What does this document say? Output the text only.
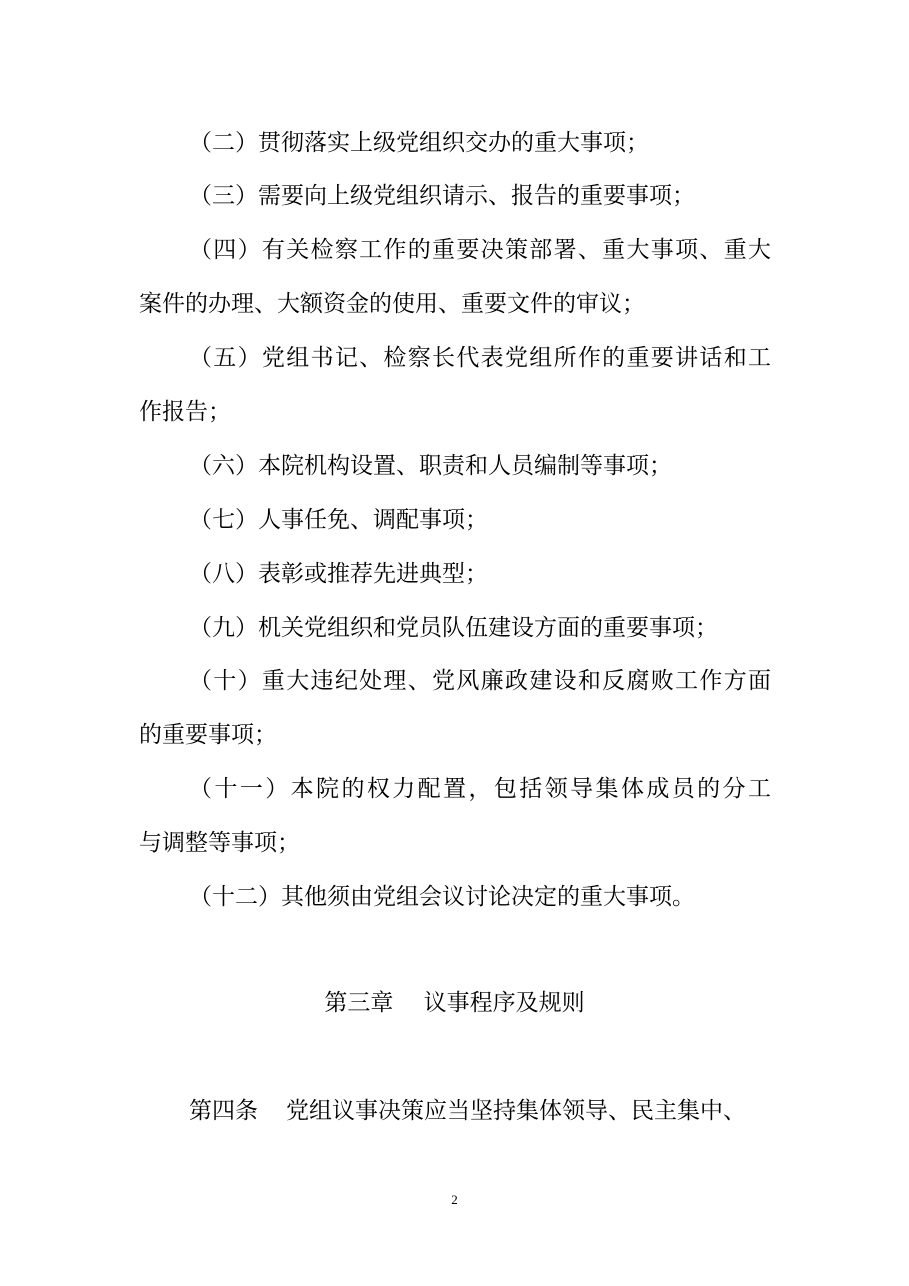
（二）贯彻落实上级党组织交办的重大事项；
（三）需要向上级党组织请示、报告的重要事项；
（四）有关检察工作的重要决策部署、重大事项、重大
案件的办理、大额资金的使用、重要文件的审议；
（五）党组书记、检察长代表党组所作的重要讲话和工
作报告；
（六）本院机构设置、职责和人员编制等事项；
（七）人事任免、调配事项；
（八）表彰或推荐先进典型；
（九）机关党组织和党员队伍建设方面的重要事项；
（十）重大违纪处理、党风廉政建设和反腐败工作方面
的重要事项；
（十一）本院的权力配置，包括领导集体成员的分工
与调整等事项；
（十二）其他须由党组会议讨论决定的重大事项。
第三章　 议事程序及规则
第四条 党组议事决策应当坚持集体领导、民主集中、
2
